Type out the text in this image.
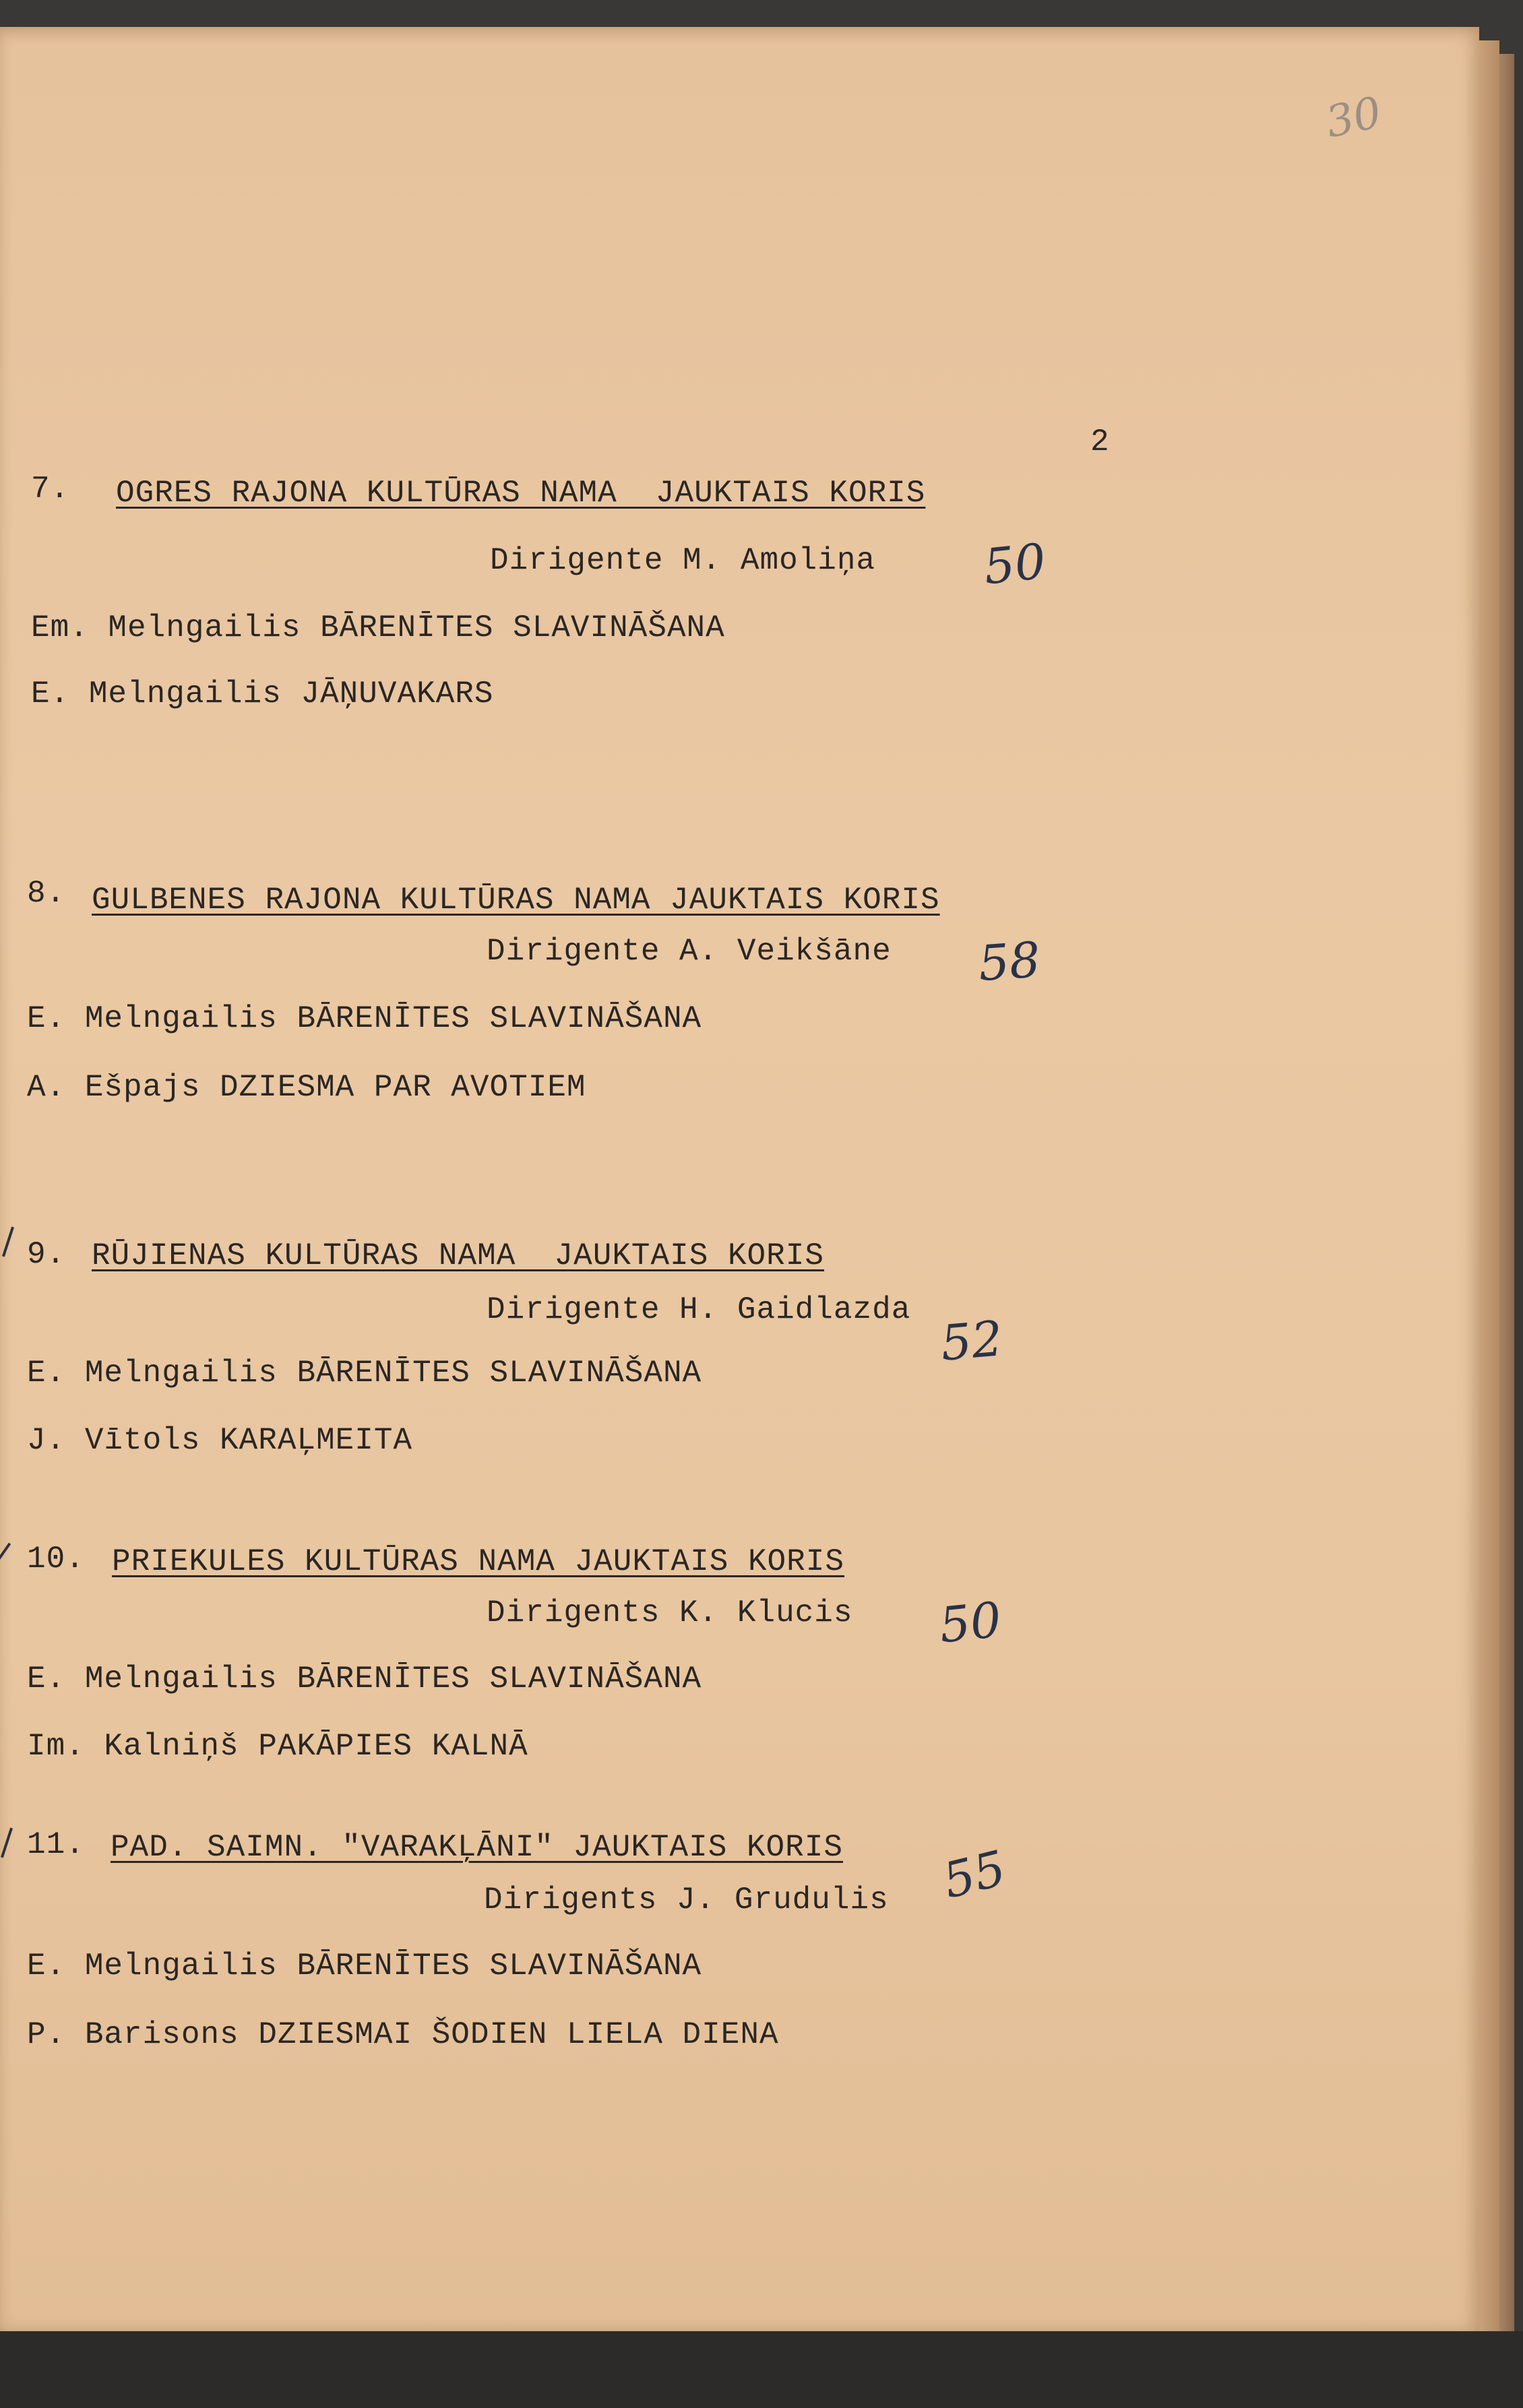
30
2
7. OGRES RAJONA KULTŪRAS NAMA  JAUKTAIS KORIS
Dirigente M. Amoliņa 50
Em. Melngailis BĀRENĪTES SLAVINĀŠANA
E. Melngailis JĀŅUVAKARS
8. GULBENES RAJONA KULTŪRAS NAMA JAUKTAIS KORIS
Dirigente A. Veikšāne 58
E. Melngailis BĀRENĪTES SLAVINĀŠANA
A. Ešpajs DZIESMA PAR AVOTIEM
9. RŪJIENAS KULTŪRAS NAMA  JAUKTAIS KORIS
Dirigente H. Gaidlazda
52
E. Melngailis BĀRENĪTES SLAVINĀŠANA
J. Vītols KARAĻMEITA
10. PRIEKULES KULTŪRAS NAMA JAUKTAIS KORIS
Dirigents K. Klucis 50
E. Melngailis BĀRENĪTES SLAVINĀŠANA
Im. Kalniņš PAKĀPIES KALNĀ
11. PAD. SAIMN. "VARAKĻĀNI" JAUKTAIS KORIS
Dirigents J. Grudulis 55
E. Melngailis BĀRENĪTES SLAVINĀŠANA
P. Barisons DZIESMAI ŠODIEN LIELA DIENA
